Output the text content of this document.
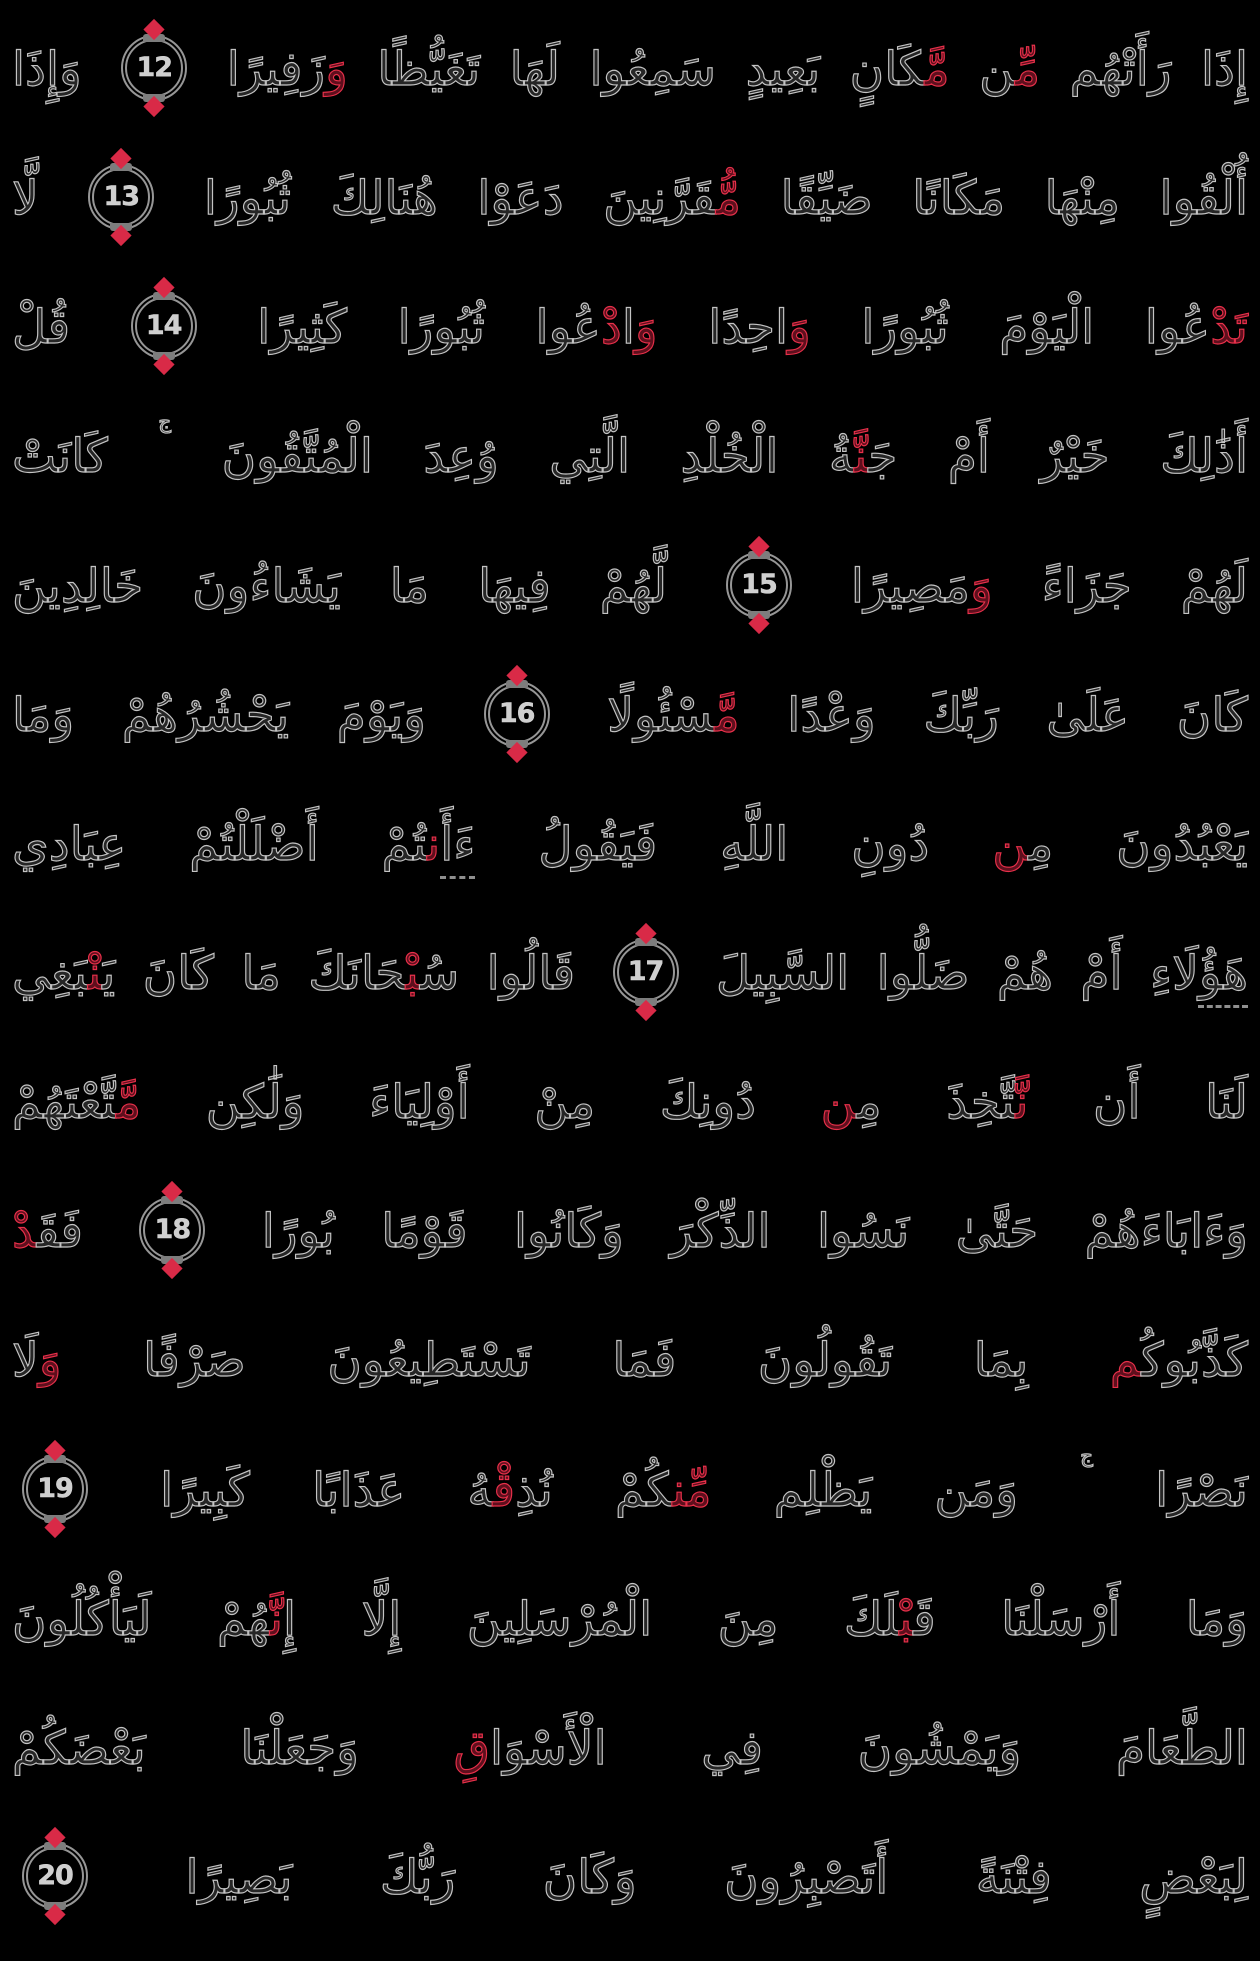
إِذَا رَأَتْهُم مِّن مَّكَانٍ بَعِيدٍ سَمِعُوا لَهَا تَغَيُّظًا وَزَفِيرًا
12
وَإِذَا
أُلْقُوا مِنْهَا مَكَانًا ضَيِّقًا مُّقَرَّنِينَ دَعَوْا هُنَالِكَ ثُبُورًا
13
لَّا
تَدْعُوا الْيَوْمَ ثُبُورًا وَاحِدًا وَادْعُوا ثُبُورًا كَثِيرًا
14
قُلْ
أَذَٰلِكَ خَيْرٌ أَمْ جَنَّةُ الْخُلْدِ الَّتِي وُعِدَ الْمُتَّقُونَ $^ج$ كَانَتْ
لَهُمْ جَزَاءً وَمَصِيرًا
15
لَّهُمْ فِيهَا مَا يَشَاءُونَ خَالِدِينَ
كَانَ عَلَىٰ رَبِّكَ وَعْدًا مَّسْئُولًا
16
وَيَوْمَ يَحْشُرُهُمْ وَمَا
يَعْبُدُونَ مِن دُونِ اللَّهِ فَيَقُولُ ءَأَنتُمْ أَضْلَلْتُمْ عِبَادِي
هَؤُلَاءِ أَمْ هُمْ ضَلُّوا السَّبِيلَ
17
قَالُوا سُبْحَانَكَ مَا كَانَ يَنْبَغِي
لَنَا أَن نَّتَّخِذَ مِن دُونِكَ مِنْ أَوْلِيَاءَ وَلَٰكِن مَّتَّعْتَهُمْ
وَءَابَاءَهُمْ حَتَّىٰ نَسُوا الذِّكْرَ وَكَانُوا قَوْمًا بُورًا
18
فَقَدْ
كَذَّبُوكُم بِمَا تَقُولُونَ فَمَا تَسْتَطِيعُونَ صَرْفًا وَلَا
نَصْرًا $^ج$ وَمَن يَظْلِم مِّنكُمْ نُذِقْهُ عَذَابًا كَبِيرًا
19
وَمَا أَرْسَلْنَا قَبْلَكَ مِنَ الْمُرْسَلِينَ إِلَّا إِنَّهُمْ لَيَأْكُلُونَ
الطَّعَامَ وَيَمْشُونَ فِي الْأَسْوَاقِ وَجَعَلْنَا بَعْضَكُمْ
لِبَعْضٍ فِتْنَةً أَتَصْبِرُونَ وَكَانَ رَبُّكَ بَصِيرًا
20
